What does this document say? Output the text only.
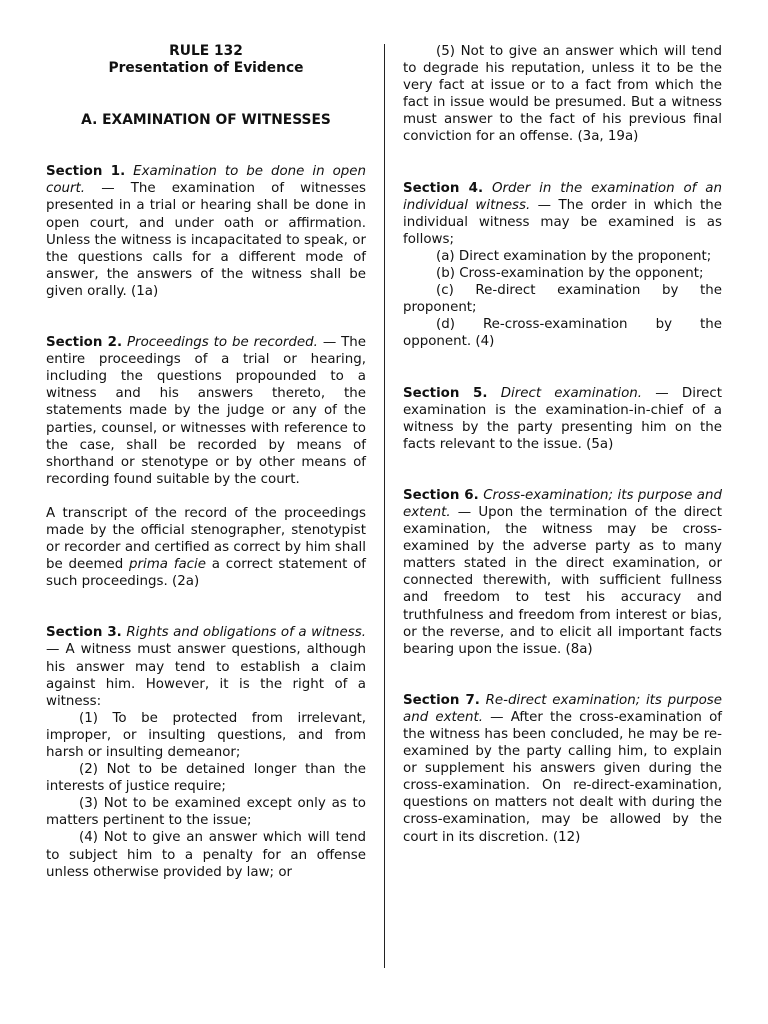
RULE 132

Presentation of Evidence

A. EXAMINATION OF WITNESSES

Section 1. Examination to be done in open court. — The examination of witnesses presented in a trial or hearing shall be done in open court, and under oath or affirmation. Unless the witness is incapacitated to speak, or the questions calls for a different mode of answer, the answers of the witness shall be given orally. (1a)

Section 2. Proceedings to be recorded. — The entire proceedings of a trial or hearing, including the questions propounded to a witness and his answers thereto, the statements made by the judge or any of the parties, counsel, or witnesses with reference to the case, shall be recorded by means of shorthand or stenotype or by other means of recording found suitable by the court.

A transcript of the record of the proceedings made by the official stenographer, stenotypist or recorder and certified as correct by him shall be deemed prima facie a correct statement of such proceedings. (2a)

Section 3. Rights and obligations of a witness. — A witness must answer questions, although his answer may tend to establish a claim against him. However, it is the right of a witness:

(1) To be protected from irrelevant, improper, or insulting questions, and from harsh or insulting demeanor;

(2) Not to be detained longer than the interests of justice require;

(3) Not to be examined except only as to matters pertinent to the issue;

(4) Not to give an answer which will tend to subject him to a penalty for an offense unless otherwise provided by law; or

(5) Not to give an answer which will tend to degrade his reputation, unless it to be the very fact at issue or to a fact from which the fact in issue would be presumed. But a witness must answer to the fact of his previous final conviction for an offense. (3a, 19a)

Section 4. Order in the examination of an individual witness. — The order in which the individual witness may be examined is as follows;

(a) Direct examination by the proponent;

(b) Cross-examination by the opponent;

(c) Re-direct examination by the proponent;

(d) Re-cross-examination by the opponent. (4)

Section 5. Direct examination. — Direct examination is the examination-in-chief of a witness by the party presenting him on the facts relevant to the issue. (5a)

Section 6. Cross-examination; its purpose and extent. — Upon the termination of the direct examination, the witness may be cross-examined by the adverse party as to many matters stated in the direct examination, or connected therewith, with sufficient fullness and freedom to test his accuracy and truthfulness and freedom from interest or bias, or the reverse, and to elicit all important facts bearing upon the issue. (8a)

Section 7. Re-direct examination; its purpose and extent. — After the cross-examination of the witness has been concluded, he may be re-examined by the party calling him, to explain or supplement his answers given during the cross-examination. On re-direct-examination, questions on matters not dealt with during the cross-examination, may be allowed by the court in its discretion. (12)
